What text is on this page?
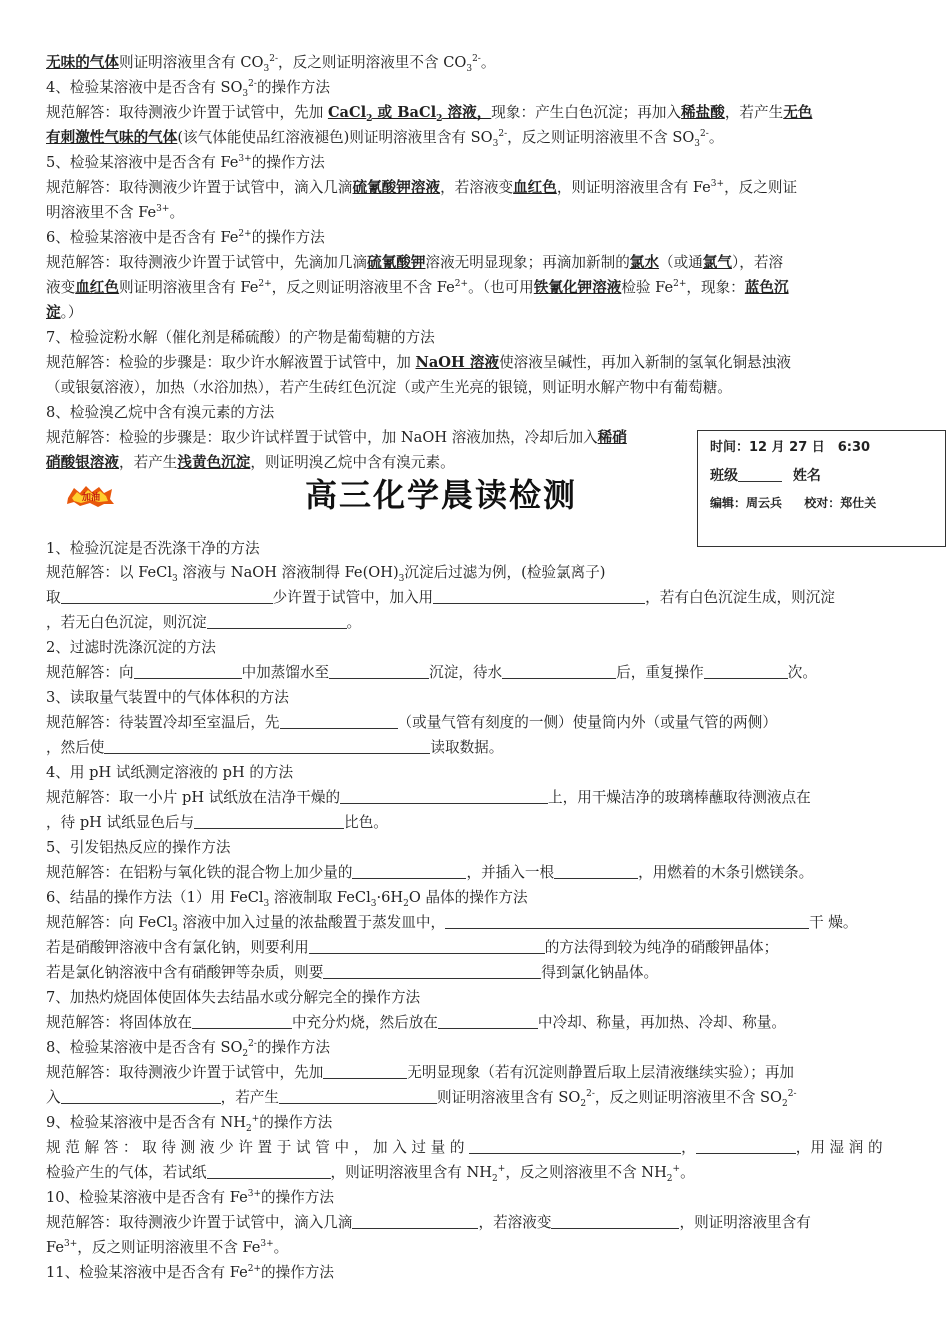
无味的气体则证明溶液里含有 $CO_3^{2-}$，反之则证明溶液里不含 $CO_3^{2-}$。
4、检验某溶液中是否含有 $SO_3^{2-}$的操作方法
规范解答：取待测液少许置于试管中，先加 CaCl$_2$ 或 BaCl$_2$ 溶液，现象：产生白色沉淀；再加入稀盐酸，若产生无色
有刺激性气味的气体(该气体能使品红溶液褪色)则证明溶液里含有 $SO_3^{2-}$，反之则证明溶液里不含 $SO_3^{2-}$。
5、检验某溶液中是否含有 $Fe^{3+}$的操作方法
规范解答：取待测液少许置于试管中，滴入几滴硫氰酸钾溶液，若溶液变血红色，则证明溶液里含有 $Fe^{3+}$，反之则证
明溶液里不含 $Fe^{3+}$。
6、检验某溶液中是否含有 $Fe^{2+}$的操作方法
规范解答：取待测液少许置于试管中，先滴加几滴硫氰酸钾溶液无明显现象；再滴加新制的氯水（或通氯气），若溶
液变血红色则证明溶液里含有 $Fe^{2+}$，反之则证明溶液里不含 $Fe^{2+}$。（也可用铁氰化钾溶液检验 $Fe^{2+}$，现象：蓝色沉
淀。）
7、检验淀粉水解（催化剂是稀硫酸）的产物是葡萄糖的方法
规范解答：检验的步骤是：取少许水解液置于试管中，加 NaOH 溶液使溶液呈碱性，再加入新制的氢氧化铜悬浊液
（或银氨溶液），加热（水浴加热），若产生砖红色沉淀（或产生光亮的银镜，则证明水解产物中有葡萄糖。
8、检验溴乙烷中含有溴元素的方法
规范解答：检验的步骤是：取少许试样置于试管中，加 NaOH 溶液加热，冷却后加入稀硝
硝酸银溶液，若产生浅黄色沉淀，则证明溴乙烷中含有溴元素。
时间：12 月 27 日　6:30
班级	姓名
编辑：周云兵 校对：郑仕关
加油	高三化学晨读检测
1、检验沉淀是否洗涤干净的方法
规范解答：以 FeCl$_3$ 溶液与 NaOH 溶液制得 $Fe(OH)_3$沉淀后过滤为例，(检验氯离子)
取	少许置于试管中，加入用	，若有白色沉淀生成，则沉淀
，若无白色沉淀，则沉淀	。
2、过滤时洗涤沉淀的方法
规范解答：向	中加蒸馏水至	沉淀，待水	后，重复操作	次。
3、读取量气装置中的气体体积的方法
规范解答：待装置冷却至室温后，先	（或量气管有刻度的一侧）使量筒内外（或量气管的两侧）
，然后使	读取数据。
4、用 pH 试纸测定溶液的 pH 的方法
规范解答：取一小片 pH 试纸放在洁净干燥的	上，用干燥洁净的玻璃棒蘸取待测液点在
，待 pH 试纸显色后与	比色。
5、引发铝热反应的操作方法
规范解答：在铝粉与氧化铁的混合物上加少量的	，并插入一根	，用燃着的木条引燃镁条。
6、结晶的操作方法（1）用 FeCl$_3$ 溶液制取 $FeCl_3\cdot 6H_2O$ 晶体的操作方法
规范解答：向 FeCl$_3$ 溶液中加入过量的浓盐酸置于蒸发皿中，	干 燥。
若是硝酸钾溶液中含有氯化钠，则要利用	的方法得到较为纯净的硝酸钾晶体；
若是氯化钠溶液中含有硝酸钾等杂质，则要	得到氯化钠晶体。
7、加热灼烧固体使固体失去结晶水或分解完全的操作方法
规范解答：将固体放在	中充分灼烧，然后放在	中冷却、称量，再加热、冷却、称量。
8、检验某溶液中是否含有 $SO_2^{2-}$的操作方法
规范解答：取待测液少许置于试管中，先加	无明显现象（若有沉淀则静置后取上层清液继续实验）；再加
入	，若产生	则证明溶液里含有 $SO_2^{2-}$，反之则证明溶液里不含 $SO_2^{2-}$
9、检验某溶液中是否含有 $NH_2^+$的操作方法
规 范 解 答 ： 取 待 测 液 少 许 置 于 试 管 中 ， 加 入 过 量 的	，	，用 湿 润 的
检验产生的气体，若试纸	，则证明溶液里含有 $NH_2^+$，反之则溶液里不含 $NH_2^+$。
10、检验某溶液中是否含有 $Fe^{3+}$的操作方法
规范解答：取待测液少许置于试管中，滴入几滴	，若溶液变	，则证明溶液里含有
$Fe^{3+}$，反之则证明溶液里不含 $Fe^{3+}$。
11、检验某溶液中是否含有 $Fe^{2+}$的操作方法
